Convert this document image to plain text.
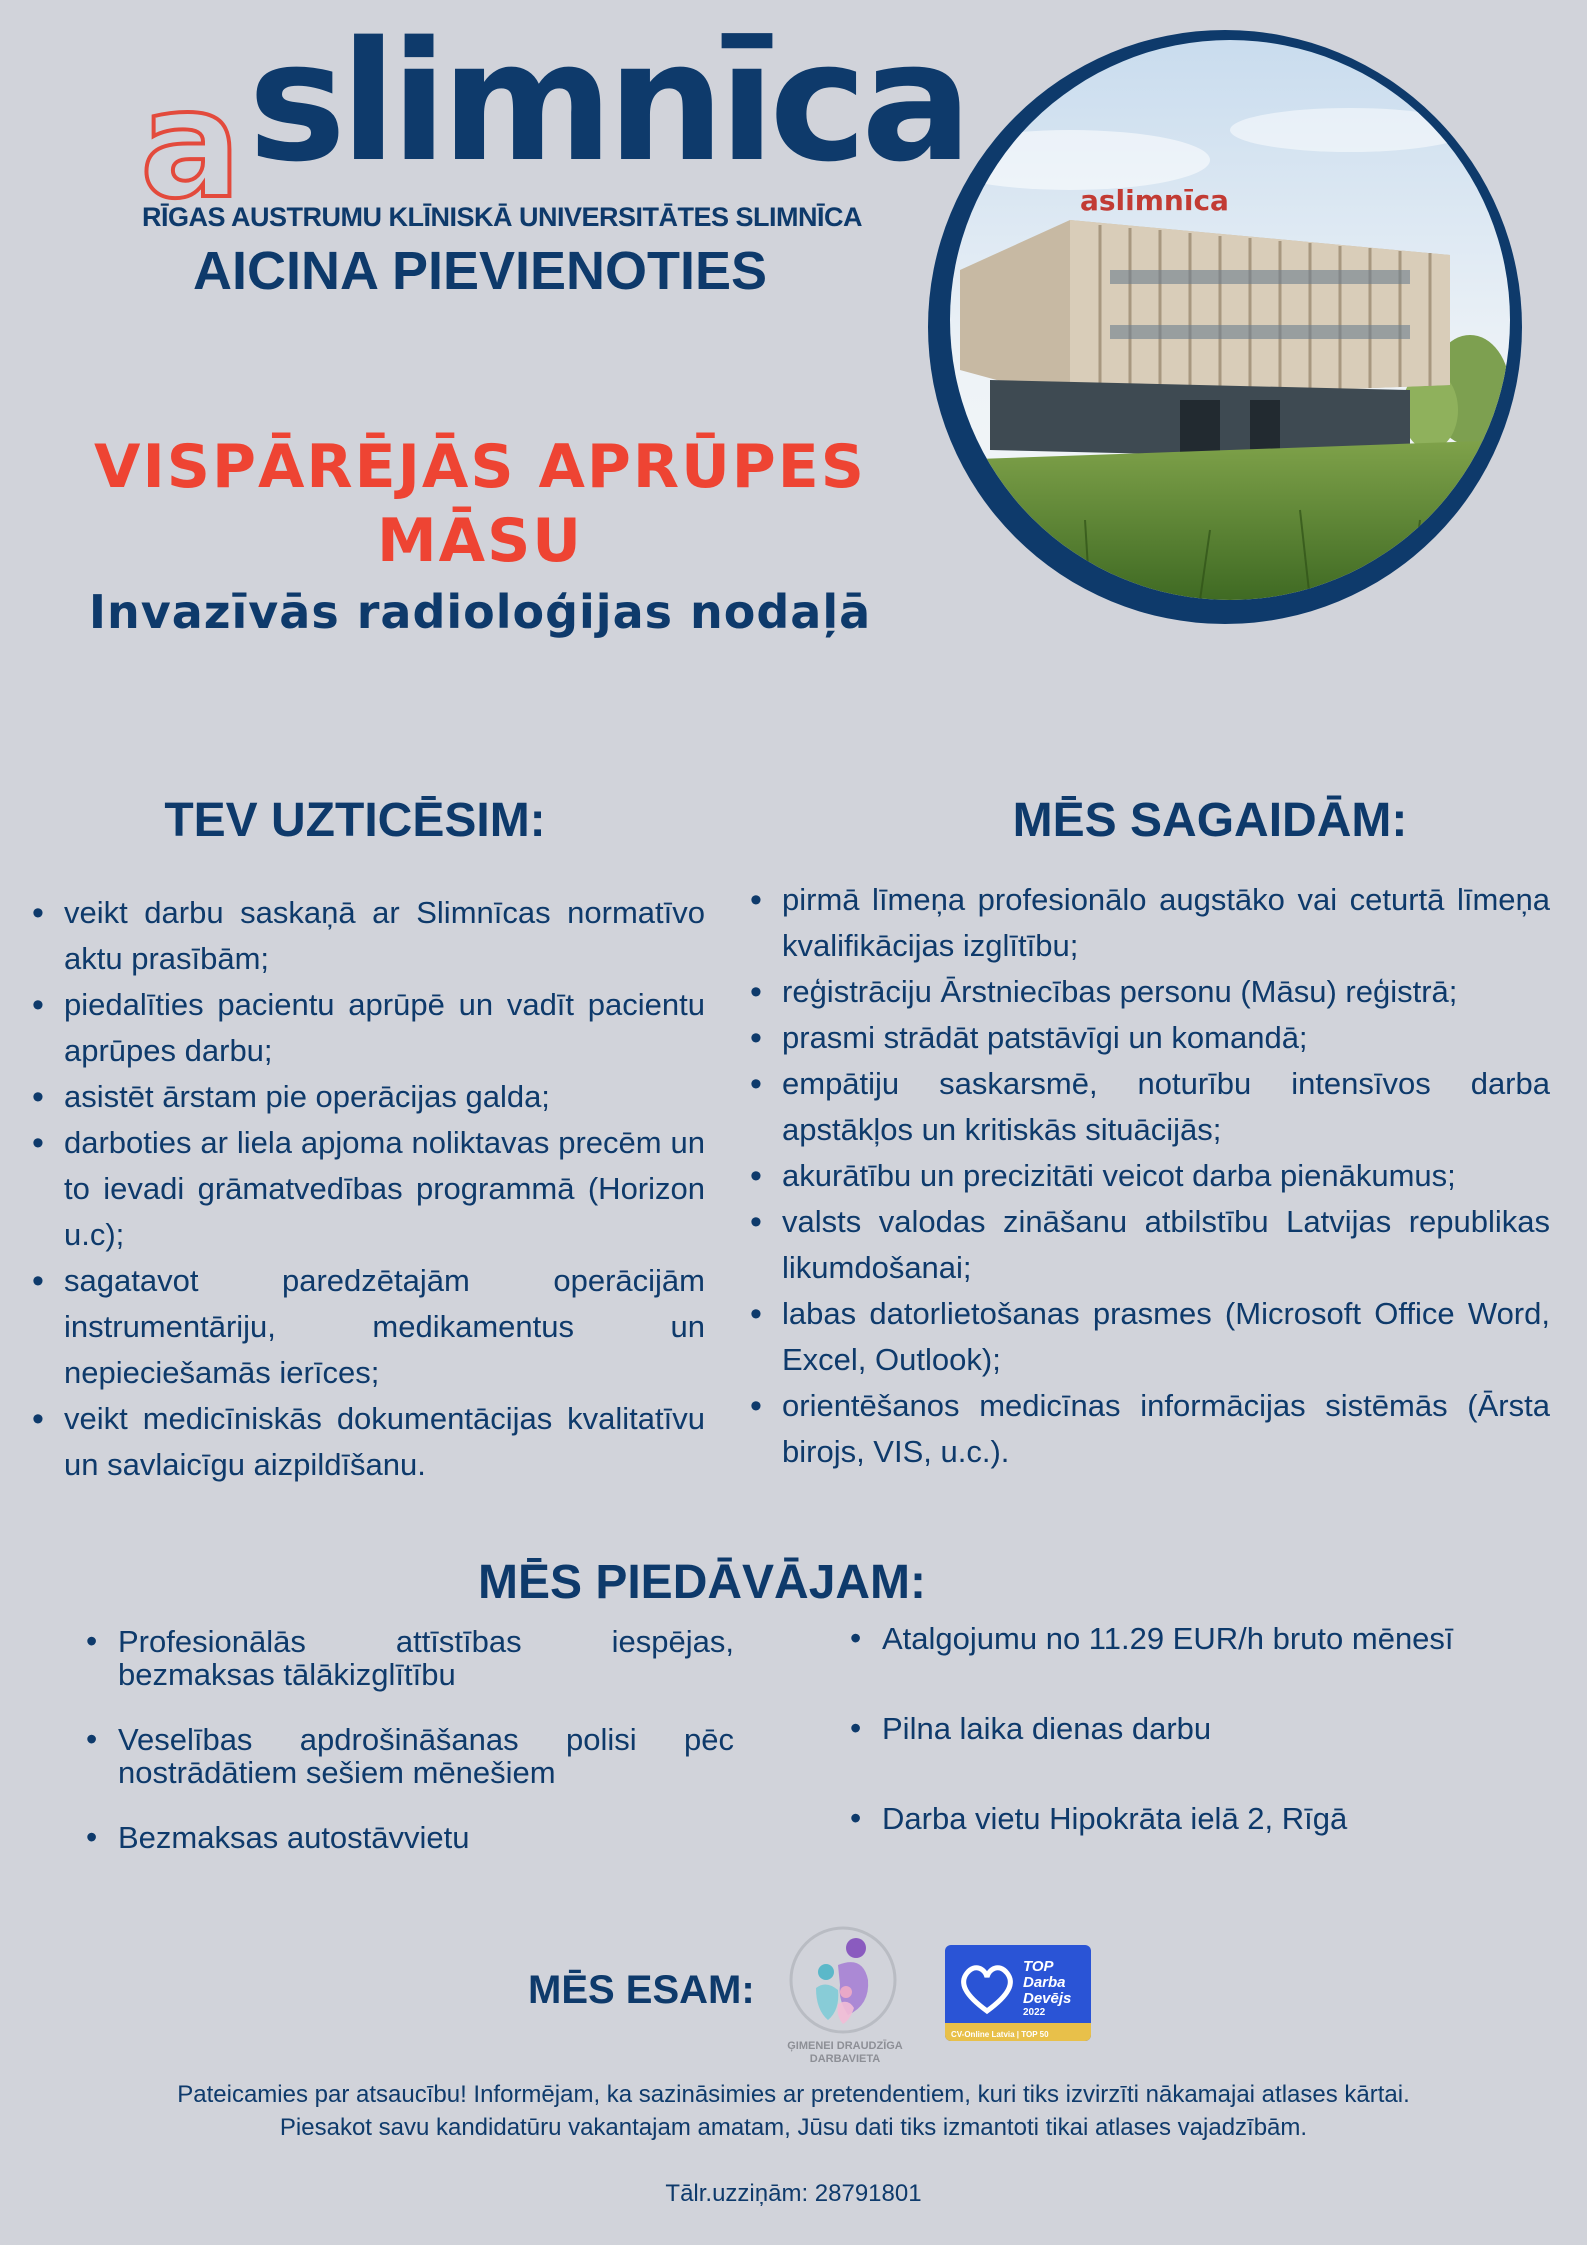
a slimnīca
RĪGAS AUSTRUMU KLĪNISKĀ UNIVERSITĀTES SLIMNĪCA
AICINA PIEVIENOTIES
VISPĀRĒJĀS APRŪPES
MĀSU
Invazīvās radioloģijas nodaļā
aslimnīca
TEV UZTICĒSIM:
• veikt darbu saskaņā ar Slimnīcas normatīvo aktu prasībām;
• piedalīties pacientu aprūpē un vadīt pacientu aprūpes darbu;
• asistēt ārstam pie operācijas galda;
• darboties ar liela apjoma noliktavas precēm un to ievadi grāmatvedības programmā (Horizon u.c);
• sagatavot paredzētajām operācijām instrumentāriju, medikamentus un nepieciešamās ierīces;
• veikt medicīniskās dokumentācijas kvalitatīvu un savlaicīgu aizpildīšanu.
MĒS SAGAIDĀM:
• pirmā līmeņa profesionālo augstāko vai ceturtā līmeņa kvalifikācijas izglītību;
• reģistrāciju Ārstniecības personu (Māsu) reģistrā;
• prasmi strādāt patstāvīgi un komandā;
• empātiju saskarsmē, noturību intensīvos darba apstākļos un kritiskās situācijās;
• akurātību un precizitāti veicot darba pienākumus;
• valsts valodas zināšanu atbilstību Latvijas republikas likumdošanai;
• labas datorlietošanas prasmes (Microsoft Office Word, Excel, Outlook);
• orientēšanos medicīnas informācijas sistēmās (Ārsta birojs, VIS, u.c.).
MĒS PIEDĀVĀJAM:
• Profesionālās attīstības iespējas, bezmaksas tālākizglītību
• Veselības apdrošināšanas polisi pēc nostrādātiem sešiem mēnešiem
• Bezmaksas autostāvvietu
• Atalgojumu no 11.29 EUR/h bruto mēnesī
• Pilna laika dienas darbu
• Darba vietu Hipokrāta ielā 2, Rīgā
MĒS ESAM:
ĢIMENEI DRAUDZĪGA DARBAVIETA
TOP Darba Devējs
2022
CV-Online Latvia | TOP 50
Pateicamies par atsaucību! Informējam, ka sazināsimies ar pretendentiem, kuri tiks izvirzīti nākamajai atlases kārtai.
Piesakot savu kandidatūru vakantajam amatam, Jūsu dati tiks izmantoti tikai atlases vajadzībām.
Tālr.uzziņām: 28791801
